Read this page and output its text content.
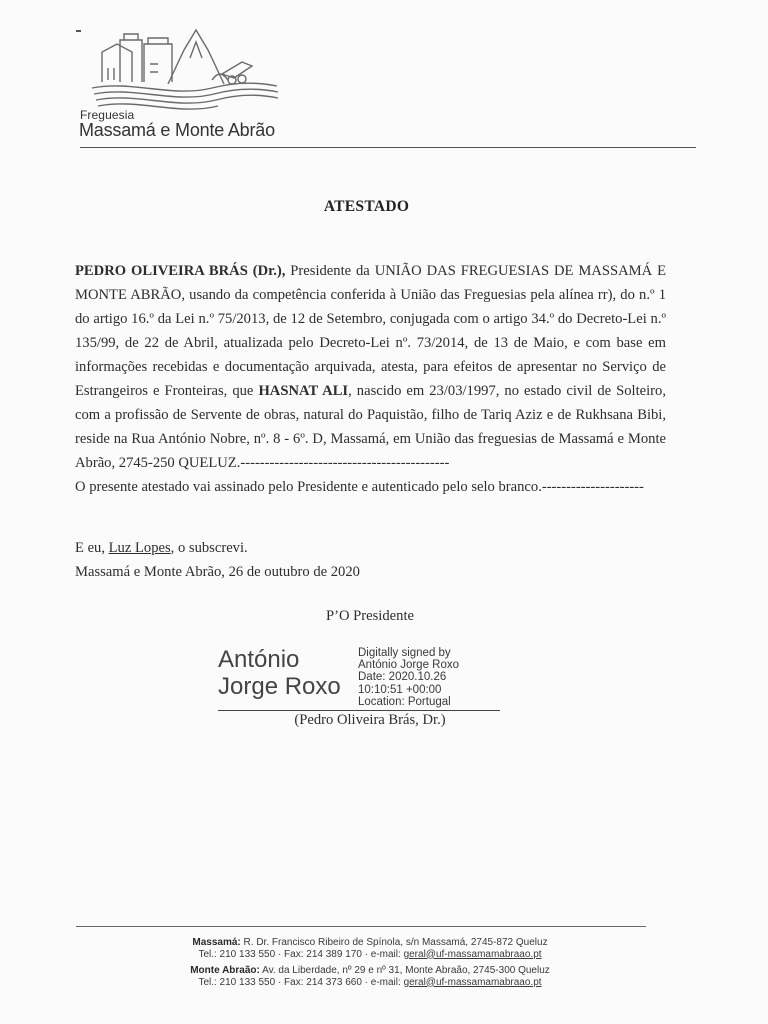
Freguesia
Massamá e Monte Abrão
ATESTADO

PEDRO OLIVEIRA BRÁS (Dr.), Presidente da UNIÃO DAS FREGUESIAS DE MASSAMÁ E MONTE ABRÃO, usando da competência conferida à União das Freguesias pela alínea rr), do n.º 1 do artigo 16.º da Lei n.º 75/2013, de 12 de Setembro, conjugada com o artigo 34.º do Decreto-Lei n.º 135/99, de 22 de Abril, atualizada pelo Decreto-Lei nº. 73/2014, de 13 de Maio, e com base em informações recebidas e documentação arquivada, atesta, para efeitos de apresentar no Serviço de Estrangeiros e Fronteiras, que HASNAT ALI, nascido em 23/03/1997, no estado civil de Solteiro, com a profissão de Servente de obras, natural do Paquistão, filho de Tariq Aziz e de Rukhsana Bibi, reside na Rua António Nobre, nº. 8 - 6º. D, Massamá, em União das freguesias de Massamá e Monte Abrão, 2745-250 QUELUZ.-------------------------------------------

O presente atestado vai assinado pelo Presidente e autenticado pelo selo branco.---------------------

E eu, Luz Lopes, o subscrevi.

Massamá e Monte Abrão, 26 de outubro de 2020

P’O Presidente
António
Jorge Roxo
Digitally signed by
António Jorge Roxo
Date: 2020.10.26
10:10:51 +00:00
Location: Portugal
(Pedro Oliveira Brás, Dr.)
Massamá: R. Dr. Francisco Ribeiro de Spínola, s/n Massamá, 2745-872 Queluz
Tel.: 210 133 550 · Fax: 214 389 170 · e-mail: geral@uf-massamamabraao.pt
Monte Abraão: Av. da Liberdade, nº 29 e nº 31, Monte Abraão, 2745-300 Queluz
Tel.: 210 133 550 · Fax: 214 373 660 · e-mail: geral@uf-massamamabraao.pt
